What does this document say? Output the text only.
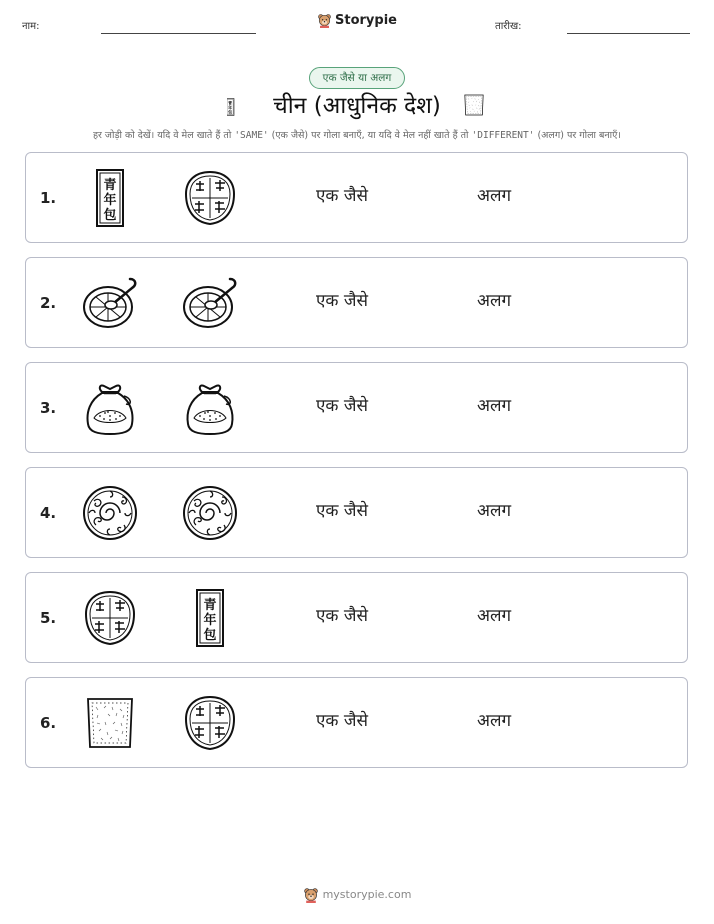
नाम:	Storypie	तारीख:
एक जैसे या अलग
चीन (आधुनिक देश)
हर जोड़ी को देखें। यदि वे मेल खाते हैं तो 'SAME' (एक जैसे) पर गोला बनाएँ, या यदि वे मेल नहीं खाते हैं तो 'DIFFERENT' (अलग) पर गोला बनाएँ।
1.	एक जैसे	अलग
2.	एक जैसे	अलग
3.	एक जैसे	अलग
4.	एक जैसे	अलग
5.	एक जैसे	अलग
6.	एक जैसे	अलग
mystorypie.com
